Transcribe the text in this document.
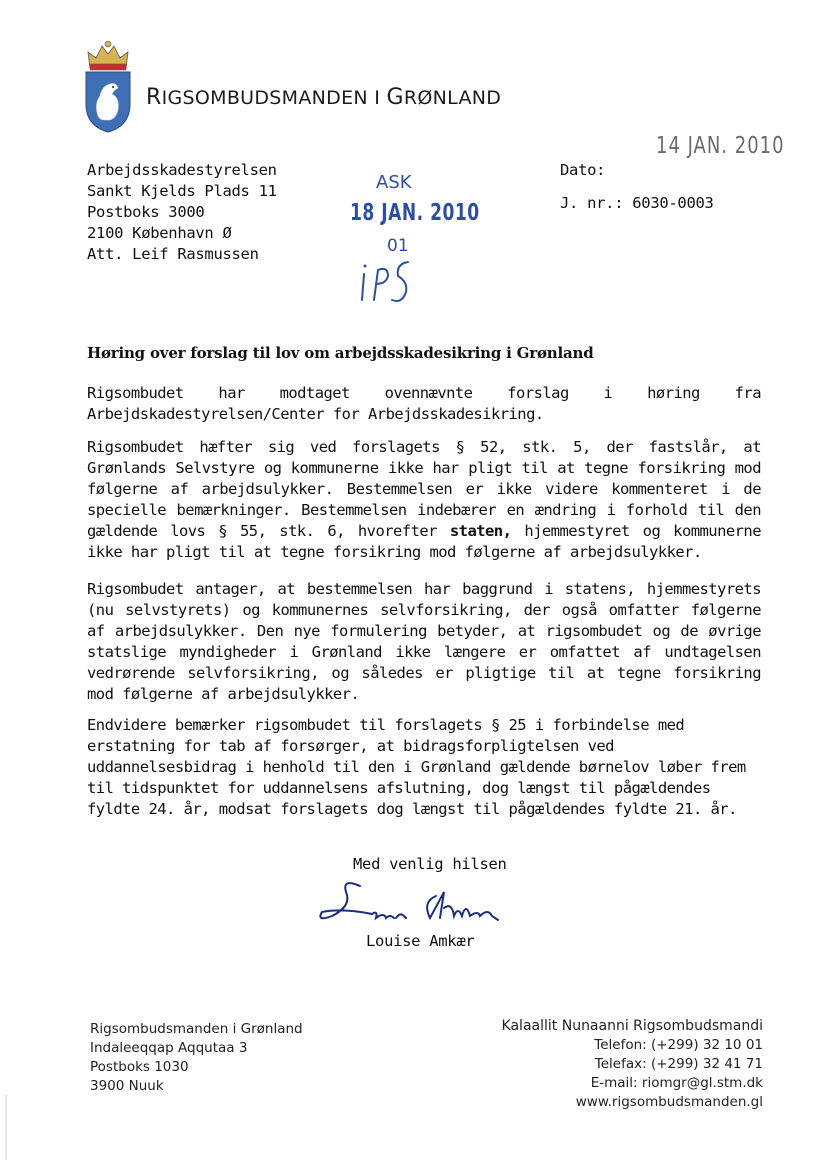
RIGSOMBUDSMANDEN I GRØNLAND
14 JAN. 2010
ASK
18 JAN. 2010
01
Arbejdsskadestyrelsen
Sankt Kjelds Plads 11
Postboks 3000
2100 København Ø
Att. Leif Rasmussen
Dato:
J. nr.: 6030-0003
Høring over forslag til lov om arbejdsskadesikring i Grønland
Rigsombudet har modtaget ovennævnte forslag i høring fra Arbejdskadestyrelsen/Center for Arbejdsskadesikring.
Rigsombudet hæfter sig ved forslagets § 52, stk. 5, der fastslår, at Grønlands Selvstyre og kommunerne ikke har pligt til at tegne forsikring mod følgerne af arbejdsulykker. Bestemmelsen er ikke videre kommenteret i de specielle bemærkninger. Bestemmelsen indebærer en ændring i forhold til den gældende lovs § 55, stk. 6, hvorefter staten, hjemmestyret og kommunerne ikke har pligt til at tegne forsikring mod følgerne af arbejdsulykker.
Rigsombudet antager, at bestemmelsen har baggrund i statens, hjemmestyrets (nu selvstyrets) og kommunernes selvforsikring, der også omfatter følgerne af arbejdsulykker. Den nye formulering betyder, at rigsombudet og de øvrige statslige myndigheder i Grønland ikke længere er omfattet af undtagelsen vedrørende selvforsikring, og således er pligtige til at tegne forsikring mod følgerne af arbejdsulykker.
Endvidere bemærker rigsombudet til forslagets § 25 i forbindelse med erstatning for tab af forsørger, at bidragsforpligtelsen ved uddannelsesbidrag i henhold til den i Grønland gældende børnelov løber frem til tidspunktet for uddannelsens afslutning, dog længst til pågældendes fyldte 24. år, modsat forslagets dog længst til pågældendes fyldte 21. år.
Med venlig hilsen
Louise Amkær
Rigsombudsmanden i Grønland
Indaleeqqap Aqqutaa 3
Postboks 1030
3900 Nuuk
Kalaallit Nunaanni Rigsombudsmandi
Telefon: (+299) 32 10 01
Telefax: (+299) 32 41 71
E-mail: riomgr@gl.stm.dk
www.rigsombudsmanden.gl
